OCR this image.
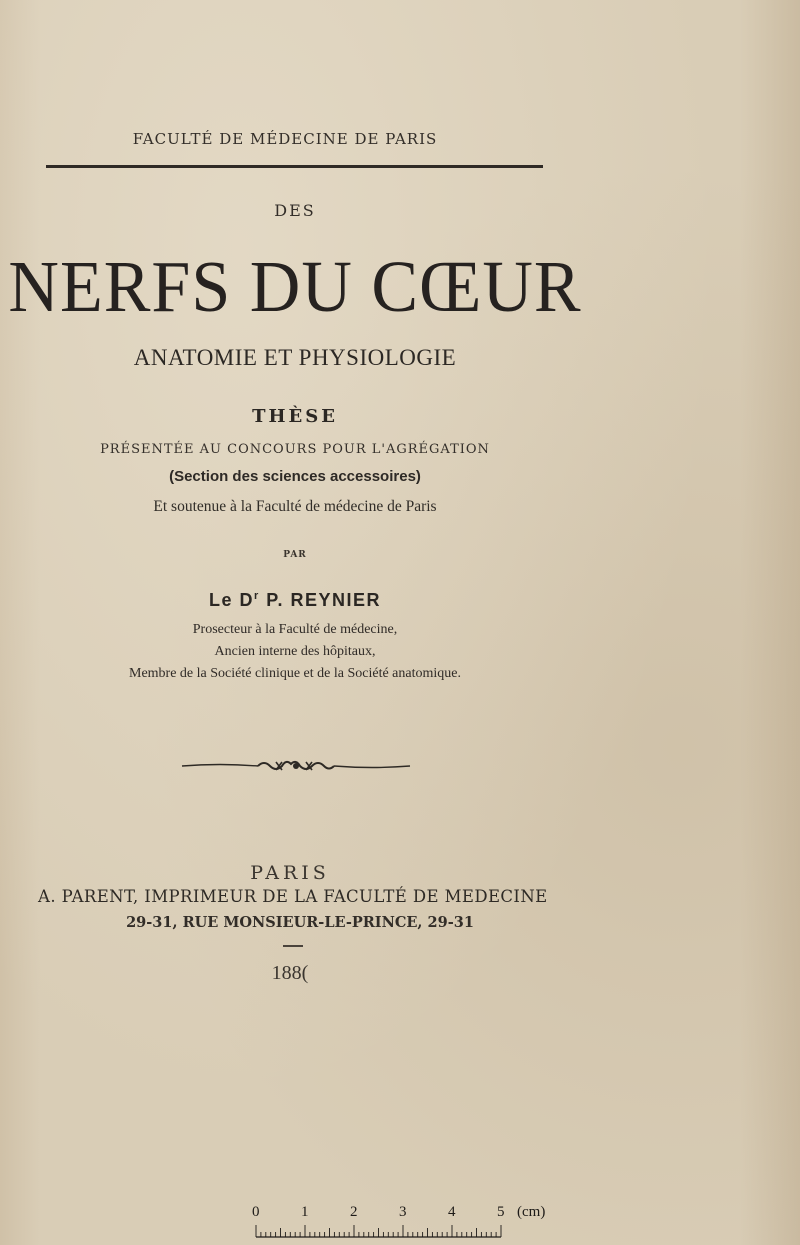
FACULTÉ DE MÉDECINE DE PARIS
DES
NERFS DU CŒUR
ANATOMIE ET PHYSIOLOGIE
THÈSE
PRÉSENTÉE AU CONCOURS POUR L'AGRÉGATION
(Section des sciences accessoires)
Et soutenue à la Faculté de médecine de Paris
PAR
Le $D^r$ P. REYNIER
Prosecteur à la Faculté de médecine,
Ancien interne des hôpitaux,
Membre de la Société clinique et de la Société anatomique.
PARIS
A. PARENT, IMPRIMEUR DE LA FACULTÉ DE MEDECINE
29-31, RUE MONSIEUR-LE-PRINCE, 29-31
188(
0	1	2	3	4	5 (cm)
